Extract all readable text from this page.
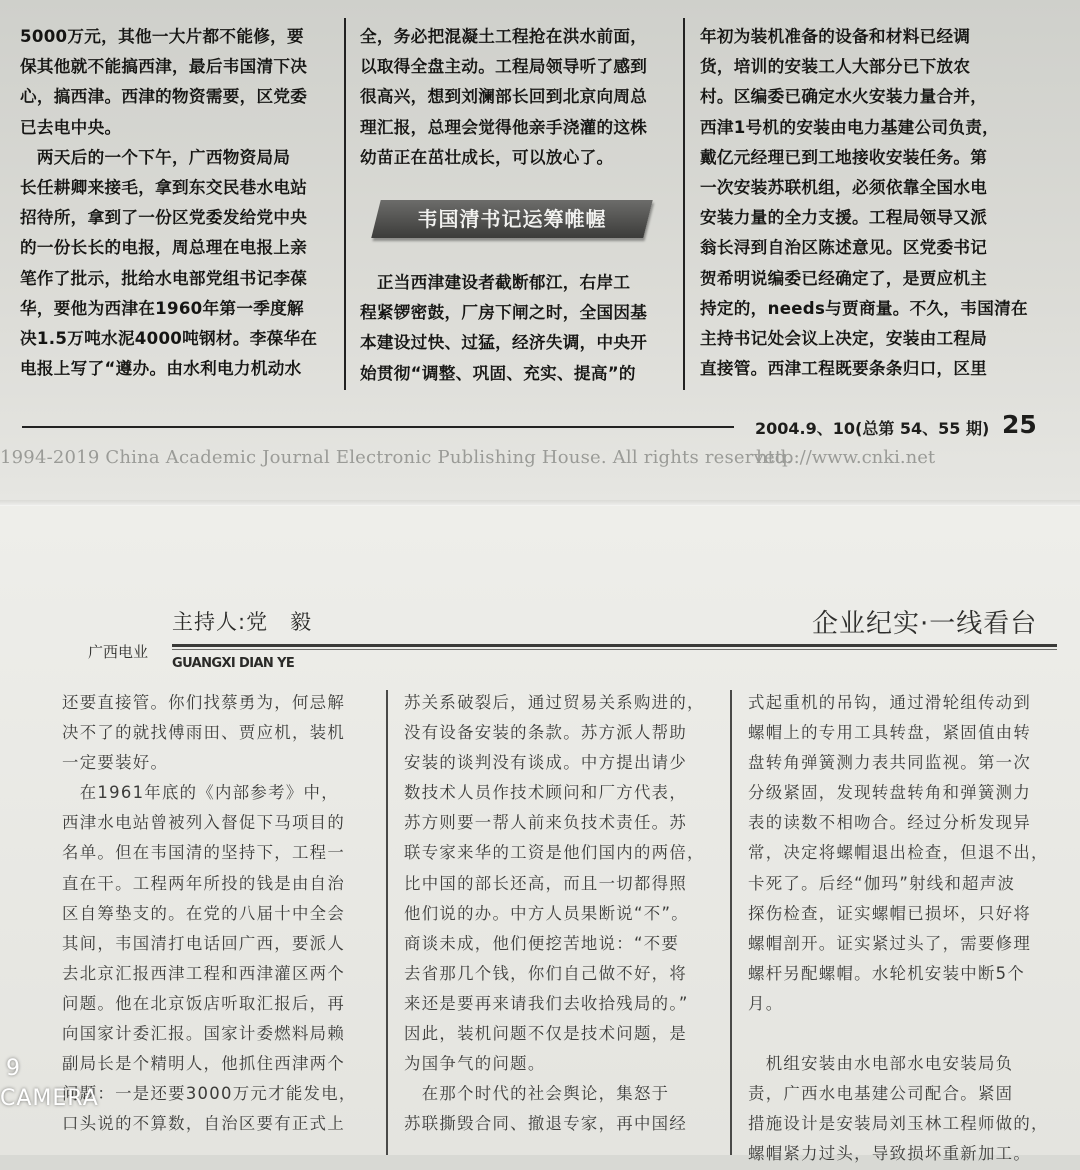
5000万元，其他一大片都不能修，要

保其他就不能搞西津，最后韦国清下决

心，搞西津。西津的物资需要，区党委

已去电中央。

　两天后的一个下午，广西物资局局

长任耕卿来接毛，拿到东交民巷水电站

招待所，拿到了一份区党委发给党中央

的一份长长的电报，周总理在电报上亲

笔作了批示，批给水电部党组书记李葆

华，要他为西津在1960年第一季度解

决1.5万吨水泥4000吨钢材。李葆华在

电报上写了“遵办。由水利电力机动水

全，务必把混凝土工程抢在洪水前面，

以取得全盘主动。工程局领导听了感到

很高兴，想到刘澜部长回到北京向周总

理汇报，总理会觉得他亲手浇灌的这株

幼苗正在茁壮成长，可以放心了。

韦国清书记运筹帷幄

　正当西津建设者截断郁江，右岸工

程紧锣密鼓，厂房下闸之时，全国因基

本建设过快、过猛，经济失调，中央开

始贯彻“调整、巩固、充实、提高”的

年初为装机准备的设备和材料已经调

货，培训的安装工人大部分已下放农

村。区编委已确定水火安装力量合并，

西津1号机的安装由电力基建公司负责，

戴亿元经理已到工地接收安装任务。第

一次安装苏联机组，必须依靠全国水电

安装力量的全力支援。工程局领导又派

翁长浔到自治区陈述意见。区党委书记

贺希明说编委已经确定了，是贾应机主

持定的，needs与贾商量。不久，韦国清在

主持书记处会议上决定，安装由工程局

直接管。西津工程既要条条归口，区里

2004.9、10(总第 54、55 期) 25
1994-2019 China Academic Journal Electronic Publishing House. All rights reserved.
http://www.cnki.net
主持人:党　毅
广西电业
GUANGXI DIAN YE
企业纪实·一线看台

还要直接管。你们找蔡勇为，何忌解

决不了的就找傅雨田、贾应机，装机

一定要装好。

　在1961年底的《内部参考》中，

西津水电站曾被列入督促下马项目的

名单。但在韦国清的坚持下，工程一

直在干。工程两年所投的钱是由自治

区自筹垫支的。在党的八届十中全会

其间，韦国清打电话回广西，要派人

去北京汇报西津工程和西津灌区两个

问题。他在北京饭店听取汇报后，再

向国家计委汇报。国家计委燃料局赖

副局长是个精明人，他抓住西津两个

问题：一是还要3000万元才能发电，

口头说的不算数，自治区要有正式上

苏关系破裂后，通过贸易关系购进的，

没有设备安装的条款。苏方派人帮助

安装的谈判没有谈成。中方提出请少

数技术人员作技术顾问和厂方代表，

苏方则要一帮人前来负技术责任。苏

联专家来华的工资是他们国内的两倍，

比中国的部长还高，而且一切都得照

他们说的办。中方人员果断说“不”。

商谈未成，他们便挖苦地说：“不要

去省那几个钱，你们自己做不好，将

来还是要再来请我们去收拾残局的。”

因此，装机问题不仅是技术问题，是

为国争气的问题。

　在那个时代的社会舆论，集怒于

苏联撕毁合同、撤退专家，再中国经

式起重机的吊钩，通过滑轮组传动到

螺帽上的专用工具转盘，紧固值由转

盘转角弹簧测力表共同监视。第一次

分级紧固，发现转盘转角和弹簧测力

表的读数不相吻合。经过分析发现异

常，决定将螺帽退出检查，但退不出，

卡死了。后经“伽玛”射线和超声波

探伤检查，证实螺帽已损坏，只好将

螺帽剖开。证实紧过头了，需要修理

螺杆另配螺帽。水轮机安装中断5个

月。

　机组安装由水电部水电安装局负

责，广西水电基建公司配合。紧固

措施设计是安装局刘玉林工程师做的，

螺帽紧力过头，导致损坏重新加工。

9
CAMERA
